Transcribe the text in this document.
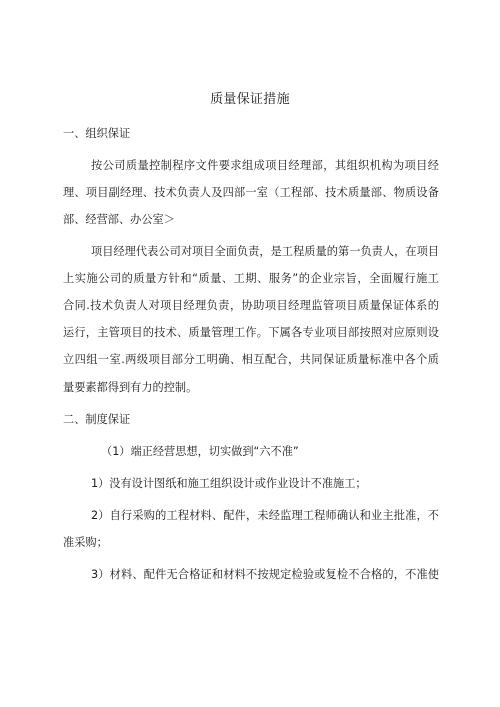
质量保证措施
一、组织保证
按公司质量控制程序文件要求组成项目经理部，其组织机构为项目经
理、项目副经理、技术负责人及四部一室（工程部、技术质量部、物质设备
部、经营部、办公室＞
项目经理代表公司对项目全面负责，是工程质量的第一负责人，在项目
上实施公司的质量方针和“质量、工期、服务”的企业宗旨，全面履行施工
合同.技术负责人对项目经理负责，协助项目经理监管项目质量保证体系的
运行，主管项目的技术、质量管理工作。下属各专业项目部按照对应原则设
立四组一室.两级项目部分工明确、相互配合，共同保证质量标准中各个质
量要素都得到有力的控制。
二、制度保证
（1）端正经营思想，切实做到“六不准”
1）没有设计图纸和施工组织设计或作业设计不准施工；
2）自行采购的工程材料、配件，未经监理工程师确认和业主批准，不
准采购；
3）材料、配件无合格证和材料不按规定检验或复检不合格的，不准使
